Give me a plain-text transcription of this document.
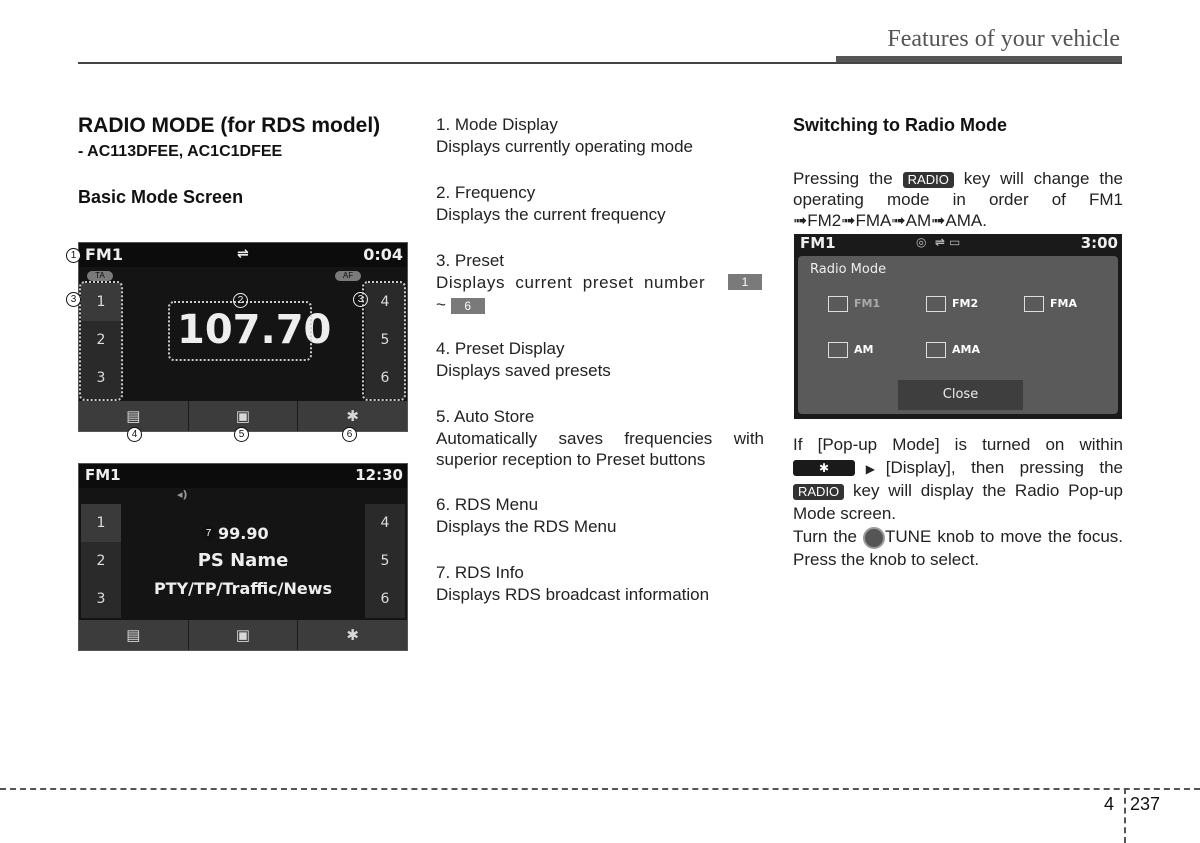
Features of your vehicle
RADIO MODE (for RDS model)
- AC113DFEE, AC1C1DFEE
Basic Mode Screen
FM1	⇌	0:04
TA	AF
1
2
3
4
5
6
107.70
▤	▣	✱
1
3	2	3
4	5	6
FM1	12:30
◂)
1
2
3
4
5
6
7 99.90
PS Name
PTY/TP/Traffic/News
▤	▣	✱
1. Mode Display
Displays currently operating mode
2. Frequency
Displays the current frequency
3. Preset
Displays current preset number	1
~ 6
4. Preset Display
Displays saved presets
5. Auto Store
Automatically saves frequencies with superior reception to Preset buttons
6. RDS Menu
Displays the RDS Menu
7. RDS Info
Displays RDS broadcast information
Switching to Radio Mode
Pressing the RADIO key will change the operating mode in order of FM1 ➟FM2➟FMA➟AM➟AMA.
FM1	◎  ⇌ ▭	3:00
Radio Mode
FM1	FM2	FMA
AM	AMA
Close
If [Pop-up Mode] is turned on within ✱ ▶[Display], then pressing the RADIO key will display the Radio Pop-up Mode screen.
Turn the TUNE knob to move the focus. Press the knob to select.
4 237
